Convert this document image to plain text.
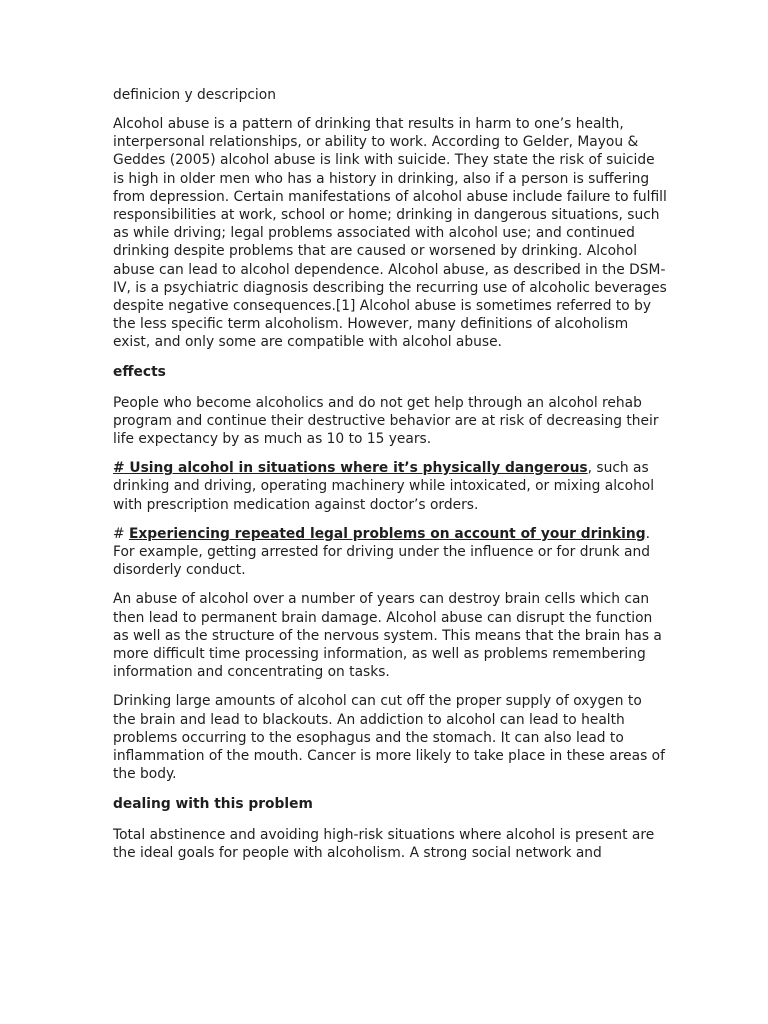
definicion y descripcion

Alcohol abuse is a pattern of drinking that results in harm to one’s health, interpersonal relationships, or ability to work. According to Gelder, Mayou & Geddes (2005) alcohol abuse is link with suicide. They state the risk of suicide is high in older men who has a history in drinking, also if a person is suffering from depression. Certain manifestations of alcohol abuse include failure to fulfill responsibilities at work, school or home; drinking in dangerous situations, such as while driving; legal problems associated with alcohol use; and continued drinking despite problems that are caused or worsened by drinking. Alcohol abuse can lead to alcohol dependence. Alcohol abuse, as described in the DSM-IV, is a psychiatric diagnosis describing the recurring use of alcoholic beverages despite negative consequences.[1] Alcohol abuse is sometimes referred to by the less specific term alcoholism. However, many definitions of alcoholism exist, and only some are compatible with alcohol abuse.

effects

People who become alcoholics and do not get help through an alcohol rehab program and continue their destructive behavior are at risk of decreasing their life expectancy by as much as 10 to 15 years.

# Using alcohol in situations where it’s physically dangerous, such as drinking and driving, operating machinery while intoxicated, or mixing alcohol with prescription medication against doctor’s orders.

# Experiencing repeated legal problems on account of your drinking. For example, getting arrested for driving under the influence or for drunk and disorderly conduct.

An abuse of alcohol over a number of years can destroy brain cells which can then lead to permanent brain damage. Alcohol abuse can disrupt the function as well as the structure of the nervous system. This means that the brain has a more difficult time processing information, as well as problems remembering information and concentrating on tasks.

Drinking large amounts of alcohol can cut off the proper supply of oxygen to the brain and lead to blackouts. An addiction to alcohol can lead to health problems occurring to the esophagus and the stomach. It can also lead to inflammation of the mouth. Cancer is more likely to take place in these areas of the body.

dealing with this problem

Total abstinence and avoiding high-risk situations where alcohol is present are the ideal goals for people with alcoholism. A strong social network and
